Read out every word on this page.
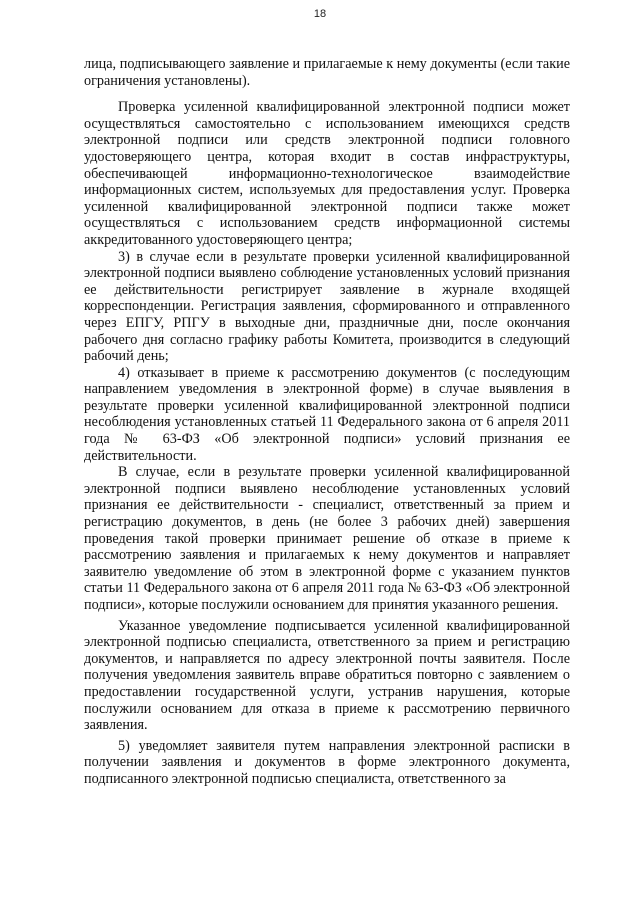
18

лица, подписывающего заявление и прилагаемые к нему документы (если такие ограничения установлены).

Проверка усиленной квалифицированной электронной подписи может осуществляться самостоятельно с использованием имеющихся средств электронной подписи или средств электронной подписи головного удостоверяющего центра, которая входит в состав инфраструктуры, обеспечивающей информационно-технологическое взаимодействие информационных систем, используемых для предоставления услуг. Проверка усиленной квалифицированной электронной подписи также может осуществляться с использованием средств информационной системы аккредитованного удостоверяющего центра;

3) в случае если в результате проверки усиленной квалифицированной электронной подписи выявлено соблюдение установленных условий признания ее действительности регистрирует заявление в журнале входящей корреспонденции. Регистрация заявления, сформированного и отправленного через ЕПГУ, РПГУ в выходные дни, праздничные дни, после окончания рабочего дня согласно графику работы Комитета, производится в следующий рабочий день;

4) отказывает в приеме к рассмотрению документов (с последующим направлением уведомления в электронной форме) в случае выявления в результате проверки усиленной квалифицированной электронной подписи несоблюдения установленных статьей 11 Федерального закона от 6 апреля 2011 года № 63-ФЗ «Об электронной подписи» условий признания ее действительности.

В случае, если в результате проверки усиленной квалифицированной электронной подписи выявлено несоблюдение установленных условий признания ее действительности - специалист, ответственный за прием и регистрацию документов, в день (не более 3 рабочих дней) завершения проведения такой проверки принимает решение об отказе в приеме к рассмотрению заявления и прилагаемых к нему документов и направляет заявителю уведомление об этом в электронной форме с указанием пунктов статьи 11 Федерального закона от 6 апреля 2011 года № 63-ФЗ «Об электронной подписи», которые послужили основанием для принятия указанного решения.

Указанное уведомление подписывается усиленной квалифицированной электронной подписью специалиста, ответственного за прием и регистрацию документов, и направляется по адресу электронной почты заявителя. После получения уведомления заявитель вправе обратиться повторно с заявлением о предоставлении государственной услуги, устранив нарушения, которые послужили основанием для отказа в приеме к рассмотрению первичного заявления.

5) уведомляет заявителя путем направления электронной расписки в получении заявления и документов в форме электронного документа, подписанного электронной подписью специалиста, ответственного за
